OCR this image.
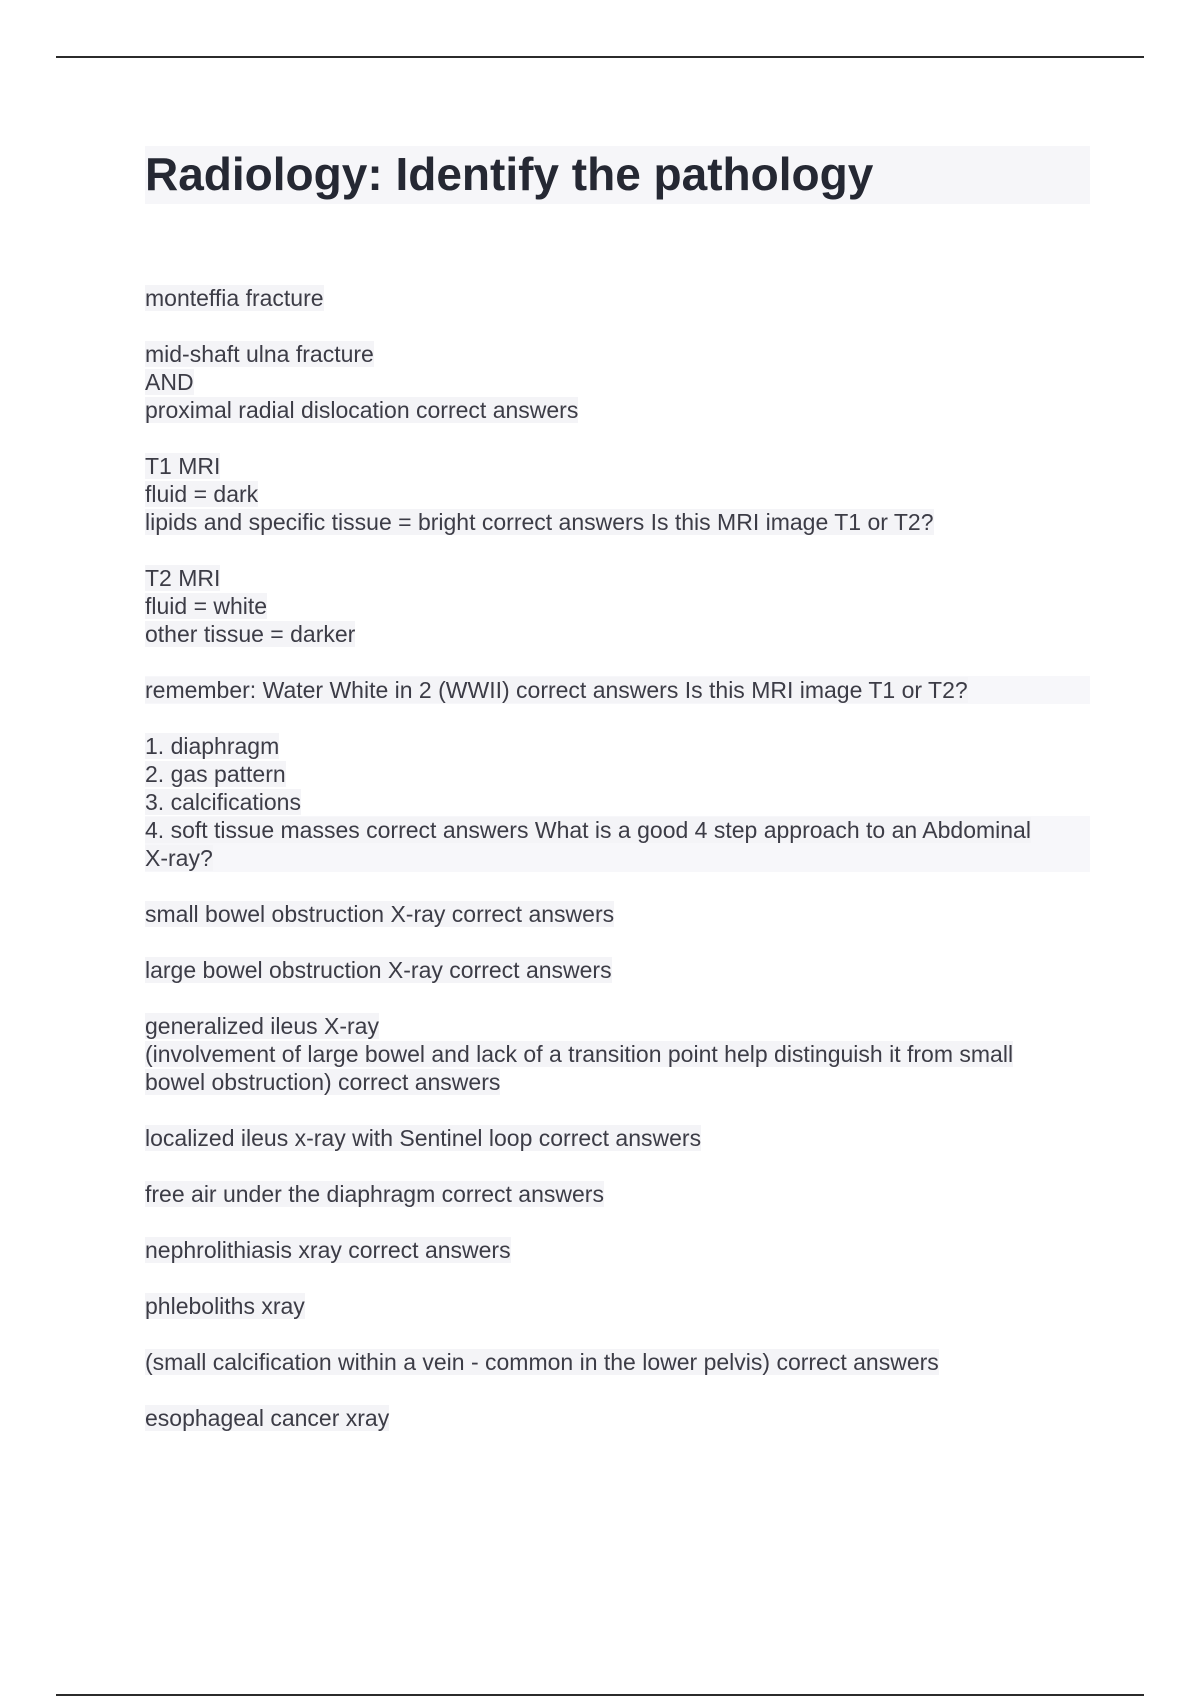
Radiology: Identify the pathology
monteffia fracture
mid-shaft ulna fracture
AND
proximal radial dislocation correct answers
T1 MRI
fluid = dark
lipids and specific tissue = bright correct answers Is this MRI image T1 or T2?
T2 MRI
fluid = white
other tissue = darker
remember: Water White in 2 (WWII) correct answers Is this MRI image T1 or T2?
1. diaphragm
2. gas pattern
3. calcifications
4. soft tissue masses correct answers What is a good 4 step approach to an Abdominal
X-ray?
small bowel obstruction X-ray correct answers
large bowel obstruction X-ray correct answers
generalized ileus X-ray
(involvement of large bowel and lack of a transition point help distinguish it from small
bowel obstruction) correct answers
localized ileus x-ray with Sentinel loop correct answers
free air under the diaphragm correct answers
nephrolithiasis xray correct answers
phleboliths xray
(small calcification within a vein - common in the lower pelvis) correct answers
esophageal cancer xray
